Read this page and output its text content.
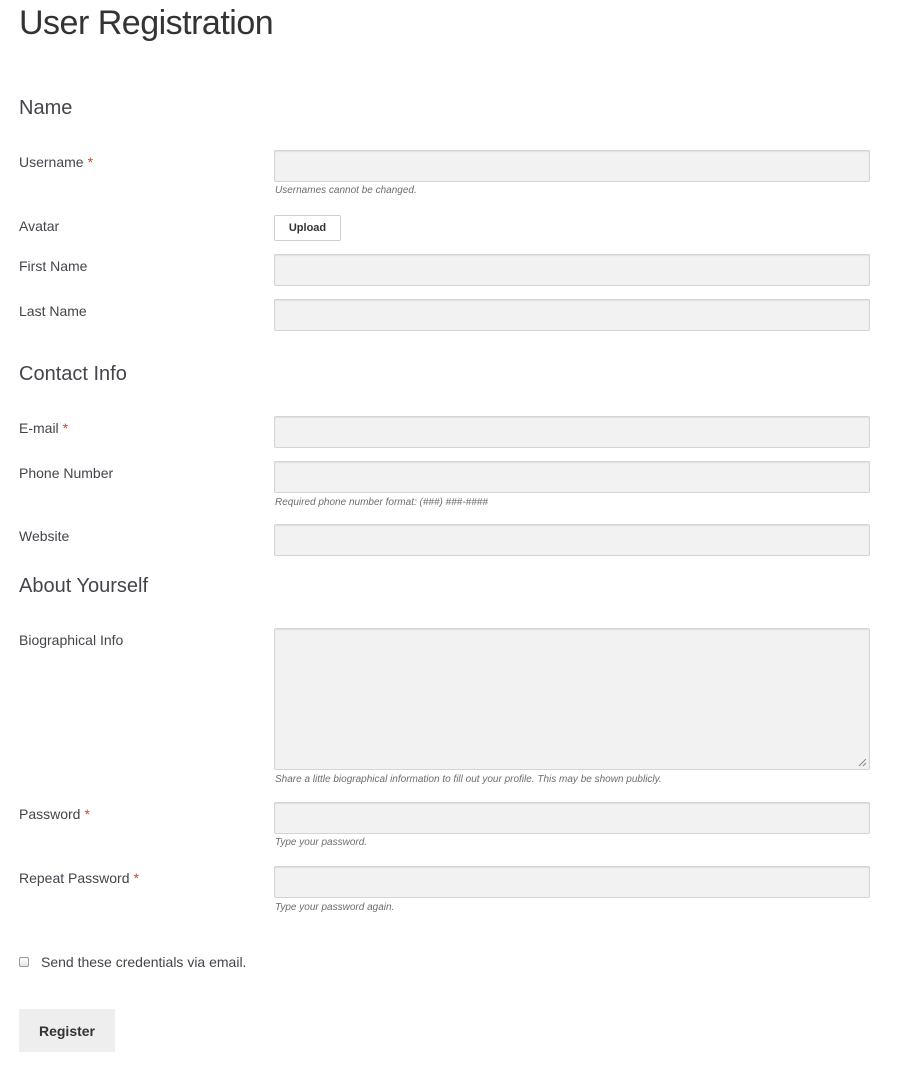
User Registration
Name
Username *
Usernames cannot be changed.
Avatar	Upload
First Name
Last Name
Contact Info
E-mail *
Phone Number
Required phone number format: (###) ###-####
Website
About Yourself
Biographical Info
Share a little biographical information to fill out your profile. This may be shown publicly.
Password *
Type your password.
Repeat Password *
Type your password again.
Send these credentials via email.
Register
